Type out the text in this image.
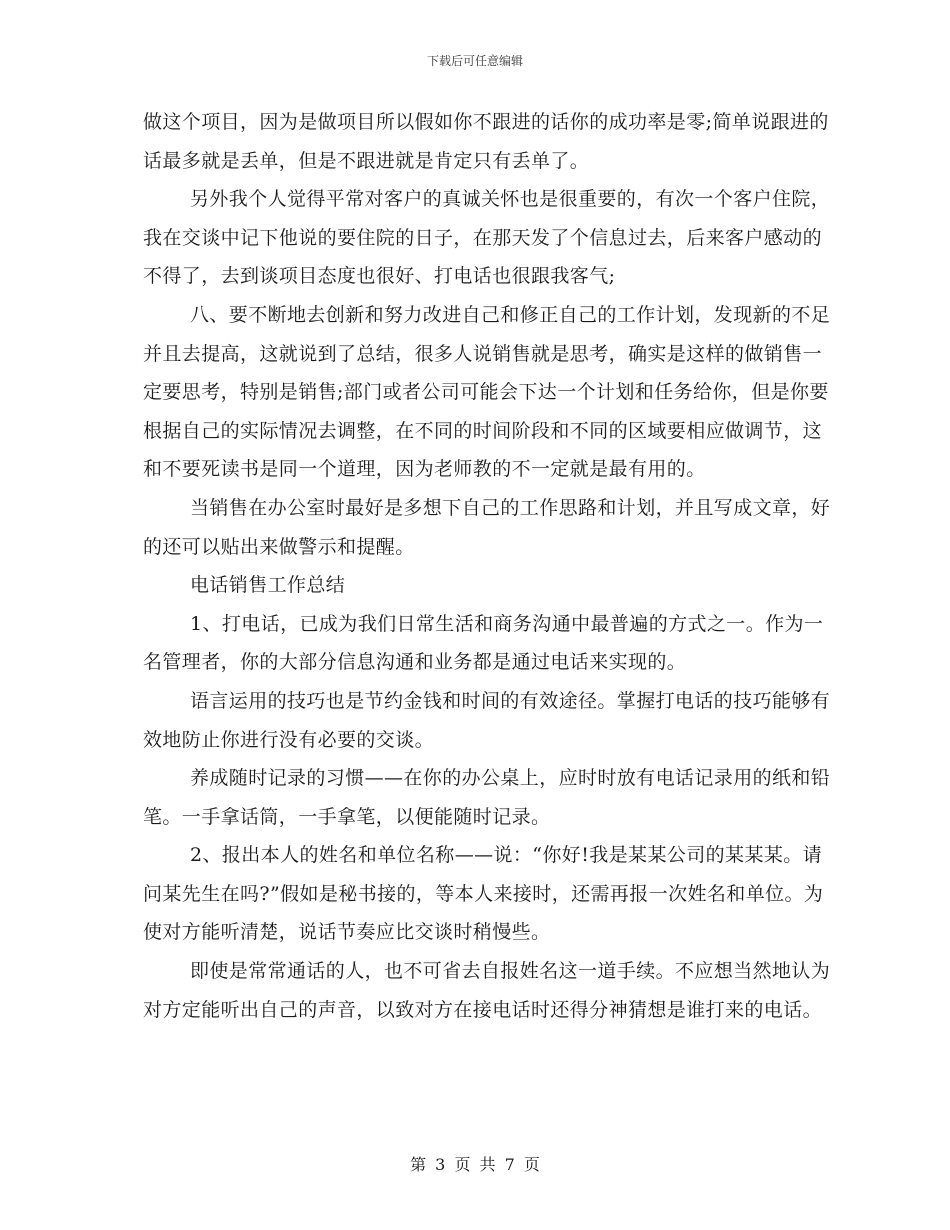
下载后可任意编辑

做这个项目，因为是做项目所以假如你不跟进的话你的成功率是零;简单说跟进的话最多就是丢单，但是不跟进就是肯定只有丢单了。

另外我个人觉得平常对客户的真诚关怀也是很重要的，有次一个客户住院，我在交谈中记下他说的要住院的日子，在那天发了个信息过去，后来客户感动的不得了，去到谈项目态度也很好、打电话也很跟我客气;

八、要不断地去创新和努力改进自己和修正自己的工作计划，发现新的不足并且去提高，这就说到了总结，很多人说销售就是思考，确实是这样的做销售一定要思考，特别是销售;部门或者公司可能会下达一个计划和任务给你，但是你要根据自己的实际情况去调整，在不同的时间阶段和不同的区域要相应做调节，这和不要死读书是同一个道理，因为老师教的不一定就是最有用的。

当销售在办公室时最好是多想下自己的工作思路和计划，并且写成文章，好的还可以贴出来做警示和提醒。

电话销售工作总结

1、打电话，已成为我们日常生活和商务沟通中最普遍的方式之一。作为一名管理者，你的大部分信息沟通和业务都是通过电话来实现的。

语言运用的技巧也是节约金钱和时间的有效途径。掌握打电话的技巧能够有效地防止你进行没有必要的交谈。

养成随时记录的习惯——在你的办公桌上，应时时放有电话记录用的纸和铅笔。一手拿话筒，一手拿笔，以便能随时记录。

2、报出本人的姓名和单位名称——说：“你好!我是某某公司的某某某。请问某先生在吗?”假如是秘书接的，等本人来接时，还需再报一次姓名和单位。为使对方能听清楚，说话节奏应比交谈时稍慢些。

即使是常常通话的人，也不可省去自报姓名这一道手续。不应想当然地认为对方定能听出自己的声音，以致对方在接电话时还得分神猜想是谁打来的电话。

第 3 页 共 7 页
